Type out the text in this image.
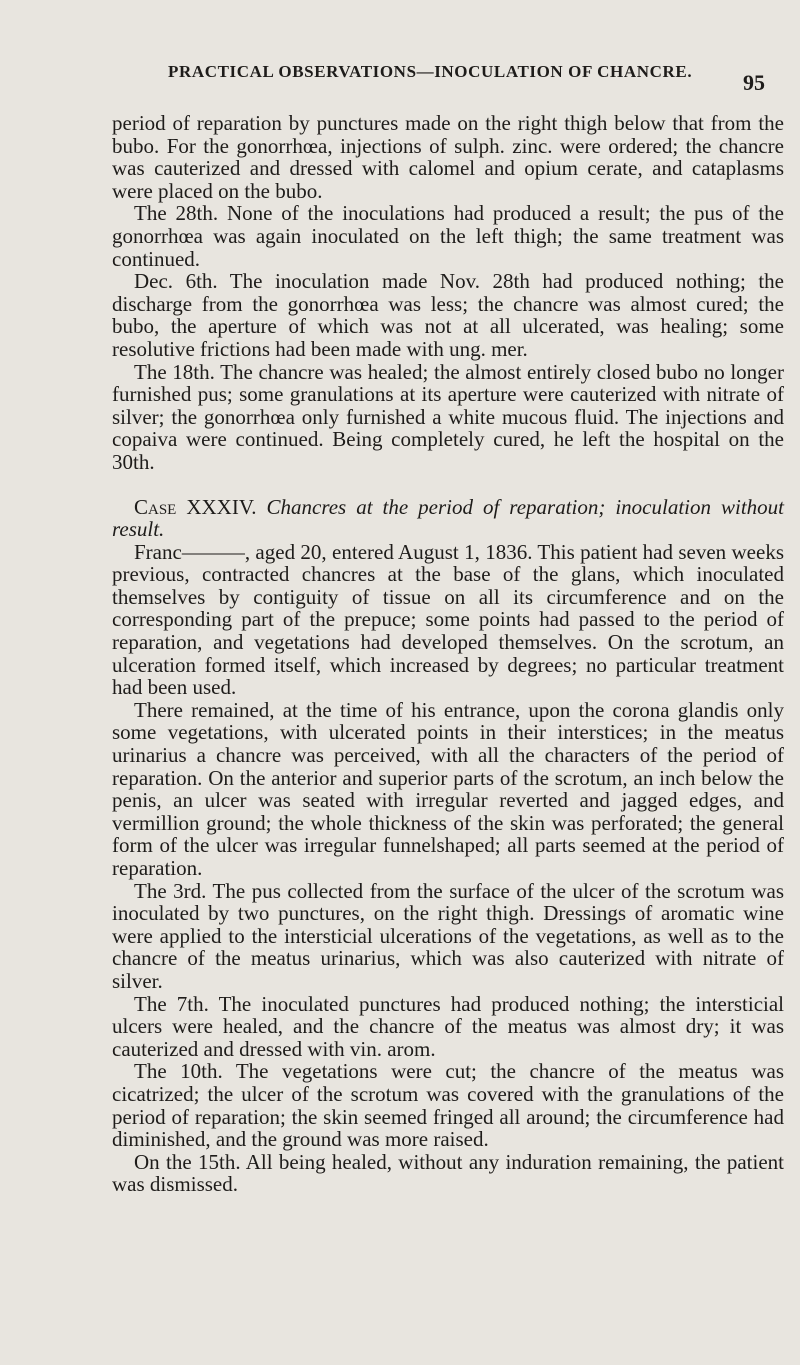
PRACTICAL OBSERVATIONS—INOCULATION OF CHANCRE.	95

period of reparation by punctures made on the right thigh below that from the bubo. For the gonorrhœa, injections of sulph. zinc. were ordered; the chancre was cauterized and dressed with calomel and opium cerate, and cataplasms were placed on the bubo.

The 28th. None of the inoculations had produced a result; the pus of the gonorrhœa was again inoculated on the left thigh; the same treatment was continued.

Dec. 6th. The inoculation made Nov. 28th had produced nothing; the discharge from the gonorrhœa was less; the chancre was almost cured; the bubo, the aperture of which was not at all ulcerated, was healing; some resolutive frictions had been made with ung. mer.

The 18th. The chancre was healed; the almost entirely closed bubo no longer furnished pus; some granulations at its aperture were cauterized with nitrate of silver; the gonorrhœa only furnished a white mucous fluid. The injections and copaiva were continued. Being completely cured, he left the hospital on the 30th.

Case XXXIV. Chancres at the period of reparation; inoculation without result.

Franc———, aged 20, entered August 1, 1836. This patient had seven weeks previous, contracted chancres at the base of the glans, which inoculated themselves by contiguity of tissue on all its circumference and on the corresponding part of the prepuce; some points had passed to the period of reparation, and vegetations had developed themselves. On the scrotum, an ulceration formed itself, which increased by degrees; no particular treatment had been used.

There remained, at the time of his entrance, upon the corona glandis only some vegetations, with ulcerated points in their interstices; in the meatus urinarius a chancre was perceived, with all the characters of the period of reparation. On the anterior and superior parts of the scrotum, an inch below the penis, an ulcer was seated with irregular reverted and jagged edges, and vermillion ground; the whole thickness of the skin was perforated; the general form of the ulcer was irregular funnelshaped; all parts seemed at the period of reparation.

The 3rd. The pus collected from the surface of the ulcer of the scrotum was inoculated by two punctures, on the right thigh. Dressings of aromatic wine were applied to the intersticial ulcerations of the vegetations, as well as to the chancre of the meatus urinarius, which was also cauterized with nitrate of silver.

The 7th. The inoculated punctures had produced nothing; the intersticial ulcers were healed, and the chancre of the meatus was almost dry; it was cauterized and dressed with vin. arom.

The 10th. The vegetations were cut; the chancre of the meatus was cicatrized; the ulcer of the scrotum was covered with the granulations of the period of reparation; the skin seemed fringed all around; the circumference had diminished, and the ground was more raised.

On the 15th. All being healed, without any induration remaining, the patient was dismissed.
